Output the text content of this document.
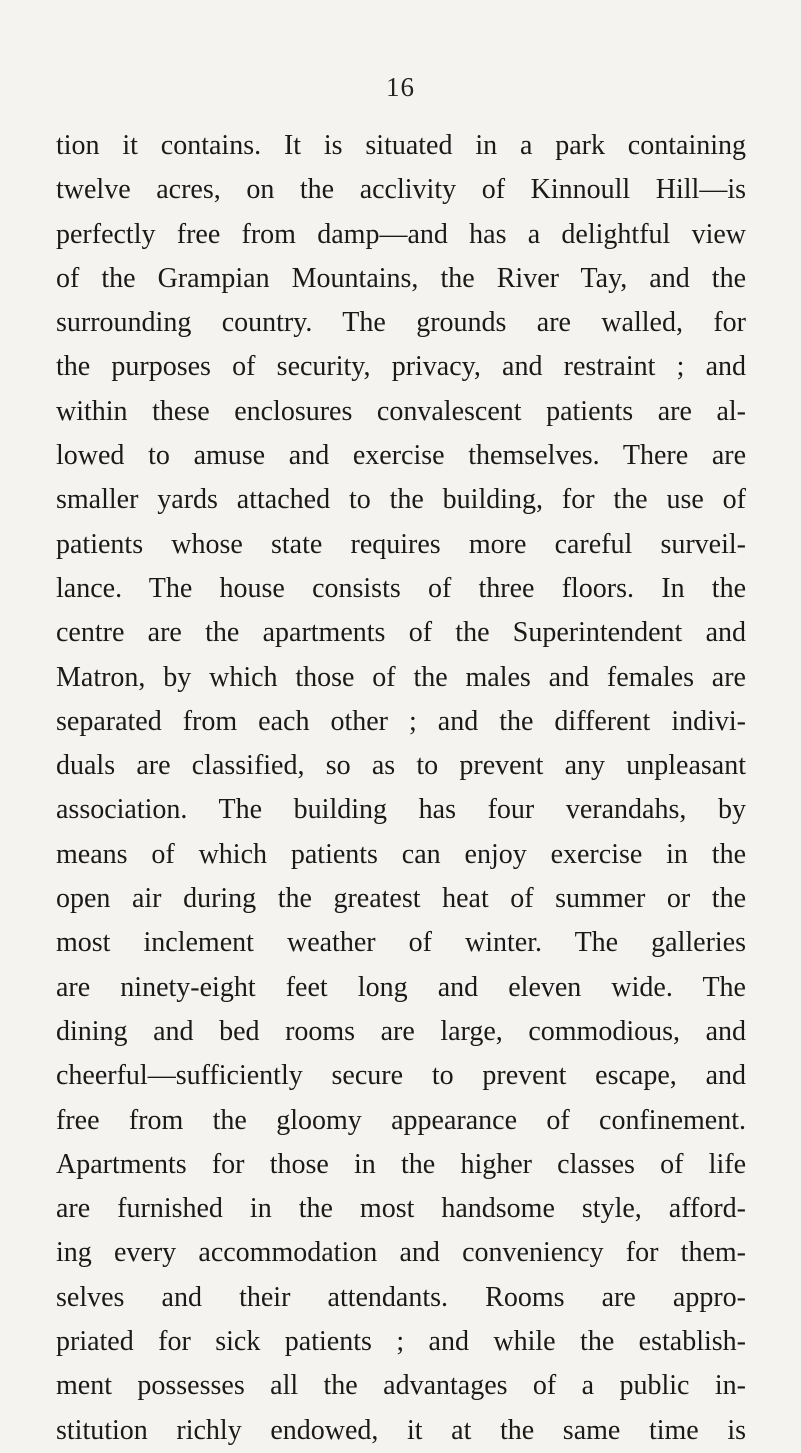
16
tion it contains. It is situated in a park containing
twelve acres, on the acclivity of Kinnoull Hill—is
perfectly free from damp—and has a delightful view
of the Grampian Mountains, the River Tay, and the
surrounding country. The grounds are walled, for
the purposes of security, privacy, and restraint ; and
within these enclosures convalescent patients are al-
lowed to amuse and exercise themselves. There are
smaller yards attached to the building, for the use of
patients whose state requires more careful surveil-
lance. The house consists of three floors. In the
centre are the apartments of the Superintendent and
Matron, by which those of the males and females are
separated from each other ; and the different indivi-
duals are classified, so as to prevent any unpleasant
association. The building has four verandahs, by
means of which patients can enjoy exercise in the
open air during the greatest heat of summer or the
most inclement weather of winter. The galleries
are ninety-eight feet long and eleven wide. The
dining and bed rooms are large, commodious, and
cheerful—sufficiently secure to prevent escape, and
free from the gloomy appearance of confinement.
Apartments for those in the higher classes of life
are furnished in the most handsome style, afford-
ing every accommodation and conveniency for them-
selves and their attendants. Rooms are appro-
priated for sick patients ; and while the establish-
ment possesses all the advantages of a public in-
stitution richly endowed, it at the same time is
